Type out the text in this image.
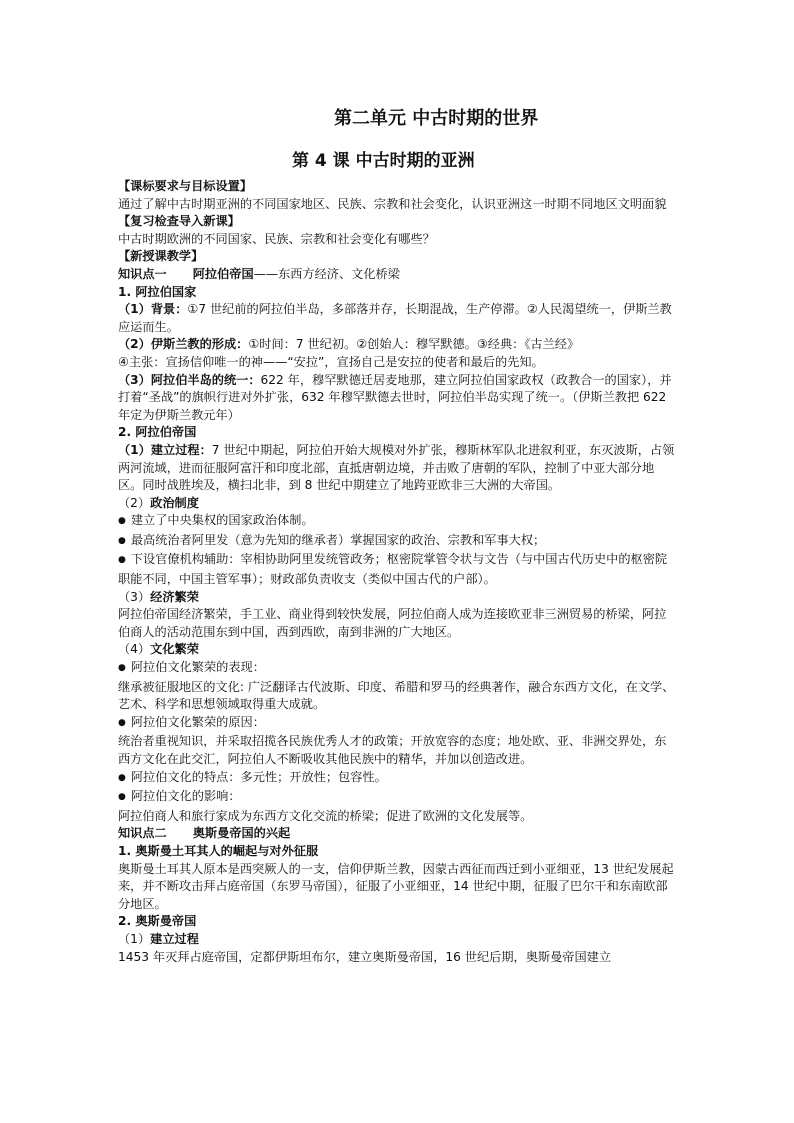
第二单元 中古时期的世界
第 4 课 中古时期的亚洲

【课标要求与目标设置】

通过了解中古时期亚洲的不同国家地区、民族、宗教和社会变化，认识亚洲这一时期不同地区文明面貌

【复习检查导入新课】

中古时期欧洲的不同国家、民族、宗教和社会变化有哪些？

【新授课教学】

知识点一 阿拉伯帝国——东西方经济、文化桥梁

1. 阿拉伯国家

（1）背景：①7 世纪前的阿拉伯半岛，多部落并存，长期混战，生产停滞。②人民渴望统一，伊斯兰教应运而生。

（2）伊斯兰教的形成：①时间：7 世纪初。②创始人：穆罕默德。③经典：《古兰经》

④主张：宣扬信仰唯一的神——“安拉”，宣扬自己是安拉的使者和最后的先知。

（3）阿拉伯半岛的统一：622 年，穆罕默德迁居麦地那，建立阿拉伯国家政权（政教合一的国家），并打着“圣战”的旗帜行进对外扩张，632 年穆罕默德去世时，阿拉伯半岛实现了统一。（伊斯兰教把 622 年定为伊斯兰教元年）

2. 阿拉伯帝国

（1）建立过程：7 世纪中期起，阿拉伯开始大规模对外扩张，穆斯林军队北进叙利亚，东灭波斯，占领两河流域，进而征服阿富汗和印度北部，直抵唐朝边境，并击败了唐朝的军队，控制了中亚大部分地区。同时战胜埃及，横扫北非，到 8 世纪中期建立了地跨亚欧非三大洲的大帝国。

（2）政治制度

● 建立了中央集权的国家政治体制。

● 最高统治者阿里发（意为先知的继承者）掌握国家的政治、宗教和军事大权；

● 下设官僚机构辅助：宰相协助阿里发统管政务；枢密院掌管令状与文告（与中国古代历史中的枢密院职能不同，中国主管军事）；财政部负责收支（类似中国古代的户部）。

（3）经济繁荣

阿拉伯帝国经济繁荣，手工业、商业得到较快发展，阿拉伯商人成为连接欧亚非三洲贸易的桥梁，阿拉伯商人的活动范围东到中国，西到西欧，南到非洲的广大地区。

（4）文化繁荣

● 阿拉伯文化繁荣的表现：

继承被征服地区的文化: 广泛翻译古代波斯、印度、希腊和罗马的经典著作，融合东西方文化，在文学、艺术、科学和思想领域取得重大成就。

● 阿拉伯文化繁荣的原因：

统治者重视知识，并采取招揽各民族优秀人才的政策；开放宽容的态度；地处欧、亚、非洲交界处，东西方文化在此交汇，阿拉伯人不断吸收其他民族中的精华，并加以创造改进。

● 阿拉伯文化的特点：多元性；开放性；包容性。

● 阿拉伯文化的影响：

阿拉伯商人和旅行家成为东西方文化交流的桥梁；促进了欧洲的文化发展等。

知识点二 奥斯曼帝国的兴起

1. 奥斯曼土耳其人的崛起与对外征服

奥斯曼土耳其人原本是西突厥人的一支，信仰伊斯兰教，因蒙古西征而西迁到小亚细亚，13 世纪发展起来，并不断攻击拜占庭帝国（东罗马帝国），征服了小亚细亚，14 世纪中期，征服了巴尔干和东南欧部分地区。

2. 奥斯曼帝国

（1）建立过程

1453 年灭拜占庭帝国，定都伊斯坦布尔，建立奥斯曼帝国，16 世纪后期，奥斯曼帝国建立
